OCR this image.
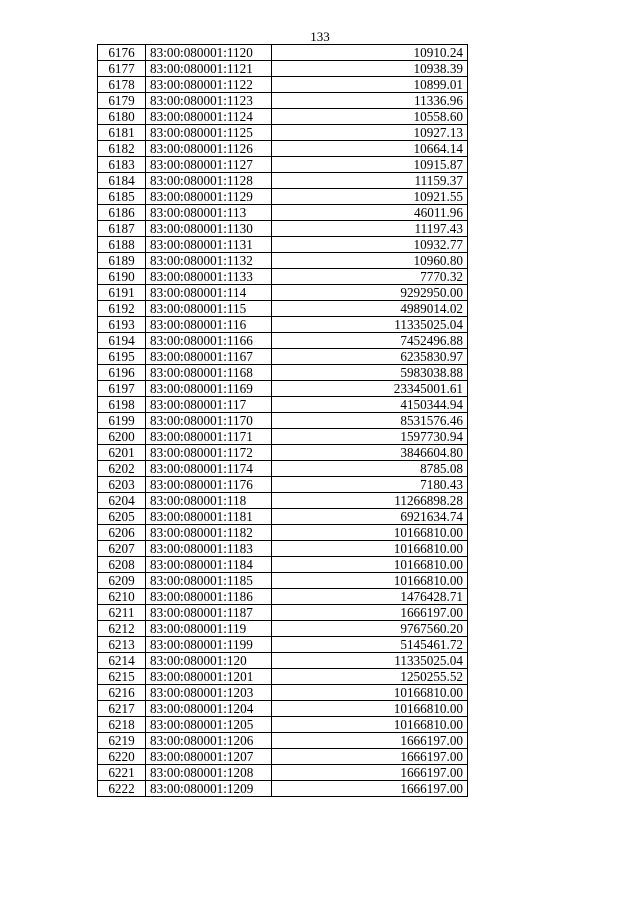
133
6176	83:00:080001:1120	10910.24
6177	83:00:080001:1121	10938.39
6178	83:00:080001:1122	10899.01
6179	83:00:080001:1123	11336.96
6180	83:00:080001:1124	10558.60
6181	83:00:080001:1125	10927.13
6182	83:00:080001:1126	10664.14
6183	83:00:080001:1127	10915.87
6184	83:00:080001:1128	11159.37
6185	83:00:080001:1129	10921.55
6186	83:00:080001:113	46011.96
6187	83:00:080001:1130	11197.43
6188	83:00:080001:1131	10932.77
6189	83:00:080001:1132	10960.80
6190	83:00:080001:1133	7770.32
6191	83:00:080001:114	9292950.00
6192	83:00:080001:115	4989014.02
6193	83:00:080001:116	11335025.04
6194	83:00:080001:1166	7452496.88
6195	83:00:080001:1167	6235830.97
6196	83:00:080001:1168	5983038.88
6197	83:00:080001:1169	23345001.61
6198	83:00:080001:117	4150344.94
6199	83:00:080001:1170	8531576.46
6200	83:00:080001:1171	1597730.94
6201	83:00:080001:1172	3846604.80
6202	83:00:080001:1174	8785.08
6203	83:00:080001:1176	7180.43
6204	83:00:080001:118	11266898.28
6205	83:00:080001:1181	6921634.74
6206	83:00:080001:1182	10166810.00
6207	83:00:080001:1183	10166810.00
6208	83:00:080001:1184	10166810.00
6209	83:00:080001:1185	10166810.00
6210	83:00:080001:1186	1476428.71
6211	83:00:080001:1187	1666197.00
6212	83:00:080001:119	9767560.20
6213	83:00:080001:1199	5145461.72
6214	83:00:080001:120	11335025.04
6215	83:00:080001:1201	1250255.52
6216	83:00:080001:1203	10166810.00
6217	83:00:080001:1204	10166810.00
6218	83:00:080001:1205	10166810.00
6219	83:00:080001:1206	1666197.00
6220	83:00:080001:1207	1666197.00
6221	83:00:080001:1208	1666197.00
6222	83:00:080001:1209	1666197.00
